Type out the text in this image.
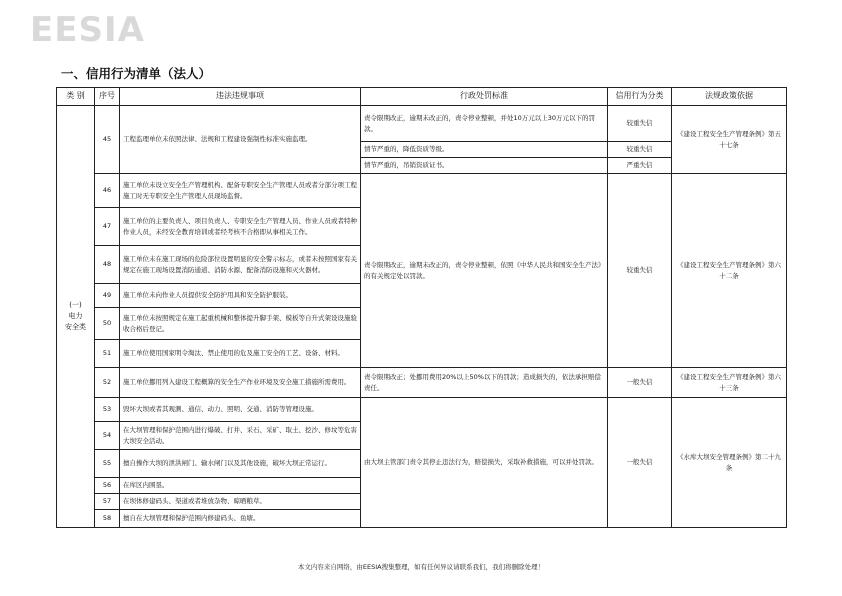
EESIA
一、信用行为清单（法人）
类 别	序号	违法违规事项	行政处罚标准	信用行为分类	法规政策依据
(一)
电力
安全类	45	工程监理单位未依照法律、法规和工程建设强制性标准实施监理。	责令限期改正，逾期未改正的，责令停业整顿，并处10万元以上30万元以下的罚款。	较重失信	《建设工程安全生产管理条例》第五十七条
			情节严重的，降低资质等级。	较重失信	
			情节严重的，吊销资质证书。	严重失信	
	46	施工单位未设立安全生产管理机构、配备专职安全生产管理人员或者分部分项工程施工时无专职安全生产管理人员现场监督。	责令限期改正，逾期未改正的，责令停业整顿，依照《中华人民共和国安全生产法》的有关规定处以罚款。	较重失信	《建设工程安全生产管理条例》第六十二条
	47	施工单位的主要负责人、项目负责人、专职安全生产管理人员、作业人员或者特种作业人员，未经安全教育培训或者经考核不合格即从事相关工作。			
	48	施工单位未在施工现场的危险部位设置明显的安全警示标志，或者未按照国家有关规定在施工现场设置消防通道、消防水源、配备消防设施和灭火器材。			
	49	施工单位未向作业人员提供安全防护用具和安全防护服装。			
	50	施工单位未按照规定在施工起重机械和整体提升脚手架、模板等自升式架设设施验收合格后登记。			
	51	施工单位使用国家明令淘汰、禁止使用的危及施工安全的工艺、设备、材料。			
	52	施工单位挪用列入建设工程概算的安全生产作业环境及安全施工措施所需费用。	责令限期改正；处挪用费用20%以上50%以下的罚款；造成损失的，依法承担赔偿责任。	一般失信	《建设工程安全生产管理条例》第六十三条
	53	毁坏大坝或者其观测、通信、动力、照明、交通、消防等管理设施。	由大坝主管部门责令其停止违法行为，赔偿损失，采取补救措施，可以并处罚款。	一般失信	《水库大坝安全管理条例》第二十九条
	54	在大坝管理和保护范围内进行爆破、打井、采石、采矿、取土、挖沙、修坟等危害大坝安全活动。			
	55	擅自操作大坝的泄洪闸门、输水闸门以及其他设施，破坏大坝正常运行。			
	56	在库区内围垦。			
	57	在坝体修建码头、渠道或者堆放杂物、晾晒粮草。			
	58	擅自在大坝管理和保护范围内修建码头、鱼塘。			
本文内容来自网络，由EESIA搜集整理，如有任何异议请联系我们，我们将删除处理！
